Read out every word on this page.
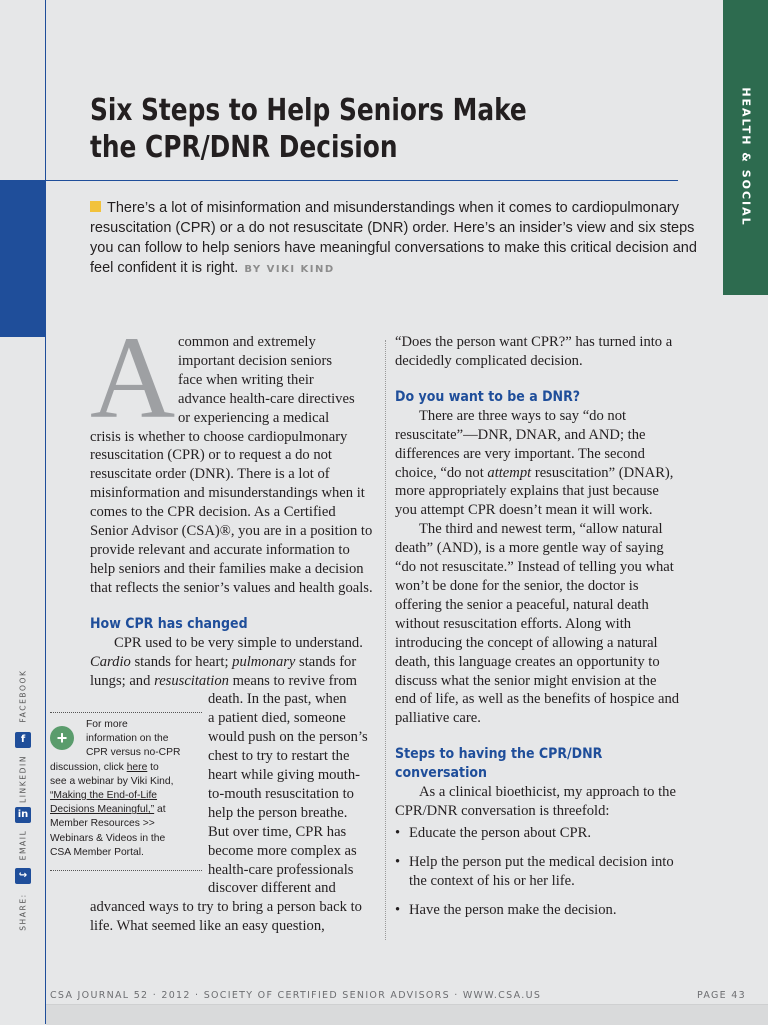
HEALTH & SOCIAL
Six Steps to Help Seniors Make
the CPR/DNR Decision
There’s a lot of misinformation and misunderstandings when it comes to cardiopulmonary resuscitation (CPR) or a do not resuscitate (DNR) order. Here’s an insider’s view and six steps you can follow to help seniors have meaningful conversations to make this critical decision and feel confident it is right. BY VIKI KIND
A common and extremely
important decision seniors
face when writing their
advance health-care directives
or experiencing a medical

crisis is whether to choose cardiopulmonary resuscitation (CPR) or to request a do not resuscitate order (DNR). There is a lot of misinformation and misunderstandings when it comes to the CPR decision. As a Certified Senior Advisor (CSA)®, you are in a position to provide relevant and accurate information to help seniors and their families make a decision that reflects the senior’s values and health goals.

How CPR has changed

CPR used to be very simple to understand.
Cardio stands for heart; pulmonary stands for lungs; and resuscitation means to revive from

death. In the past, when
a patient died, someone
would push on the person’s
chest to try to restart the
heart while giving mouth-
to-mouth resuscitation to
help the person breathe.
But over time, CPR has
become more complex as
health-care professionals
discover different and

advanced ways to try to bring a person back to life. What seemed like an easy question,

+
For more
information on the
CPR versus no-CPR
discussion, click here to
see a webinar by Viki Kind,
“Making the End-of-Life
Decisions Meaningful,” at
Member Resources >>
Webinars & Videos in the
CSA Member Portal.

“Does the person want CPR?” has turned into a decidedly complicated decision.

Do you want to be a DNR?

There are three ways to say “do not resuscitate”—DNR, DNAR, and AND; the differences are very important. The second choice, “do not attempt resuscitation” (DNAR), more appropriately explains that just because you attempt CPR doesn’t mean it will work.

The third and newest term, “allow natural death” (AND), is a more gentle way of saying “do not resuscitate.” Instead of telling you what won’t be done for the senior, the doctor is offering the senior a peaceful, natural death without resuscitation efforts. Along with introducing the concept of allowing a natural death, this language creates an opportunity to discuss what the senior might envision at the end of life, as well as the benefits of hospice and palliative care.

Steps to having the CPR/DNR
conversation

As a clinical bioethicist, my approach to the CPR/DNR conversation is threefold:

• Educate the person about CPR.
• Help the person put the medical decision into the context of his or her life.
• Have the person make the decision.
FACEBOOK
f
LINKEDIN
in
EMAIL
↪
SHARE:
CSA JOURNAL 52 · 2012 · SOCIETY OF CERTIFIED SENIOR ADVISORS · WWW.CSA.US	PAGE 43
